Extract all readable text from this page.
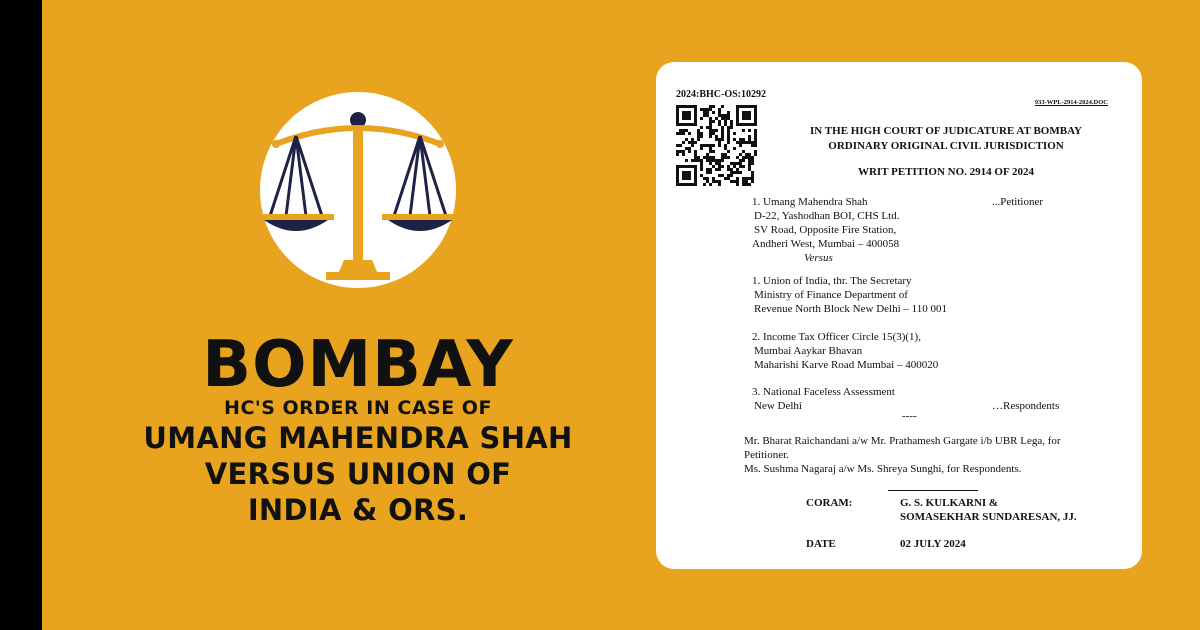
BOMBAY
HC'S ORDER IN CASE OF
UMANG MAHENDRA SHAH
VERSUS UNION OF
INDIA & ORS.
2024:BHC-OS:10292
933-WPL-2914-2024.DOC
IN THE HIGH COURT OF JUDICATURE AT BOMBAY
ORDINARY ORIGINAL CIVIL JURISDICTION
WRIT PETITION NO. 2914 OF 2024
1. Umang Mahendra Shah	...Petitioner
D-22, Yashodhan BOI, CHS Ltd.
SV Road, Opposite Fire Station,
Andheri West, Mumbai – 400058
Versus
1. Union of India, thr. The Secretary
Ministry of Finance Department of
Revenue North Block New Delhi – 110 001
2. Income Tax Officer Circle 15(3)(1),
Mumbai Aaykar Bhavan
Maharishi Karve Road Mumbai – 400020
3. National Faceless Assessment
New Delhi	…Respondents
----
Mr. Bharat Raichandani a/w Mr. Prathamesh Gargate i/b UBR Lega, for
Petitioner.
Ms. Sushma Nagaraj a/w Ms. Shreya Sunghi, for Respondents.
CORAM:	G. S. KULKARNI &
SOMASEKHAR SUNDARESAN, JJ.
DATE	02 JULY 2024
